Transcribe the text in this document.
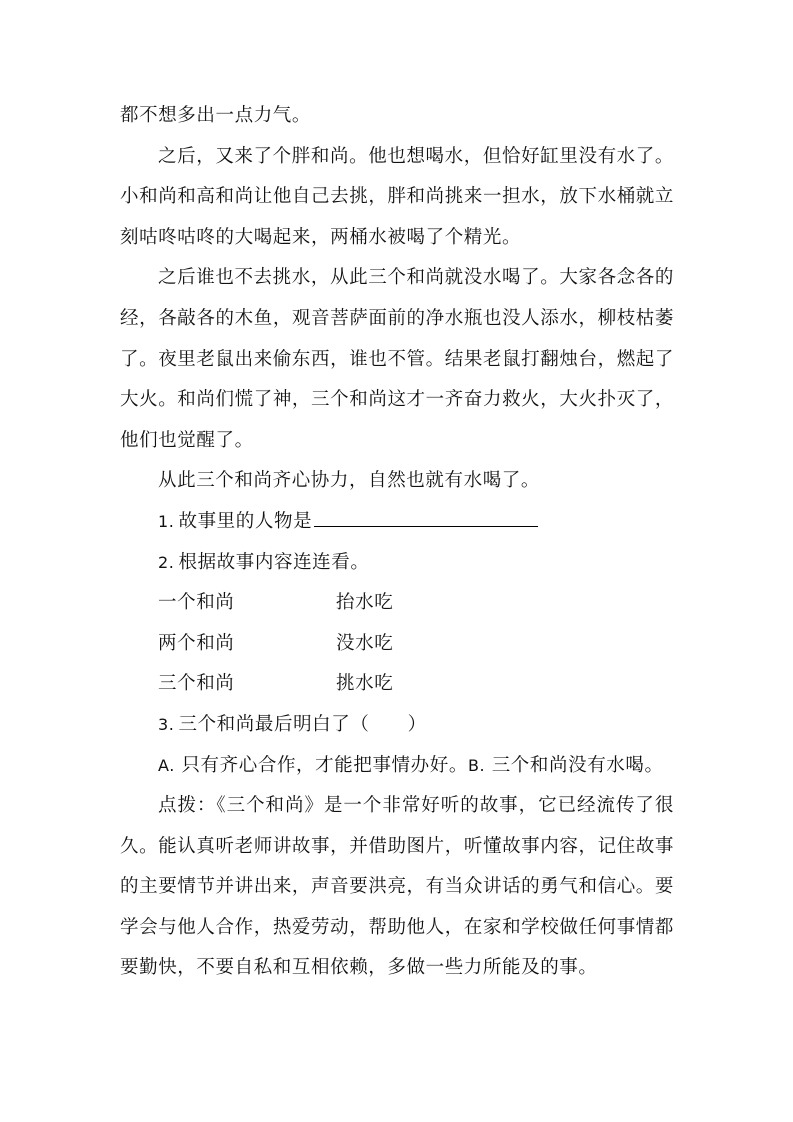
都不想多出一点力气。

之后，又来了个胖和尚。他也想喝水，但恰好缸里没有水了。小和尚和高和尚让他自己去挑，胖和尚挑来一担水，放下水桶就立刻咕咚咕咚的大喝起来，两桶水被喝了个精光。

之后谁也不去挑水，从此三个和尚就没水喝了。大家各念各的经，各敲各的木鱼，观音菩萨面前的净水瓶也没人添水，柳枝枯萎了。夜里老鼠出来偷东西，谁也不管。结果老鼠打翻烛台，燃起了大火。和尚们慌了神，三个和尚这才一齐奋力救火，大火扑灭了，他们也觉醒了。

从此三个和尚齐心协力，自然也就有水喝了。

1. 故事里的人物是

2. 根据故事内容连连看。

一个和尚	抬水吃
两个和尚	没水吃
三个和尚	挑水吃

3. 三个和尚最后明白了（　　）

A. 只有齐心合作，才能把事情办好。B. 三个和尚没有水喝。

点拨：《三个和尚》是一个非常好听的故事，它已经流传了很久。能认真听老师讲故事，并借助图片，听懂故事内容，记住故事的主要情节并讲出来，声音要洪亮，有当众讲话的勇气和信心。要学会与他人合作，热爱劳动，帮助他人，在家和学校做任何事情都要勤快，不要自私和互相依赖，多做一些力所能及的事。
